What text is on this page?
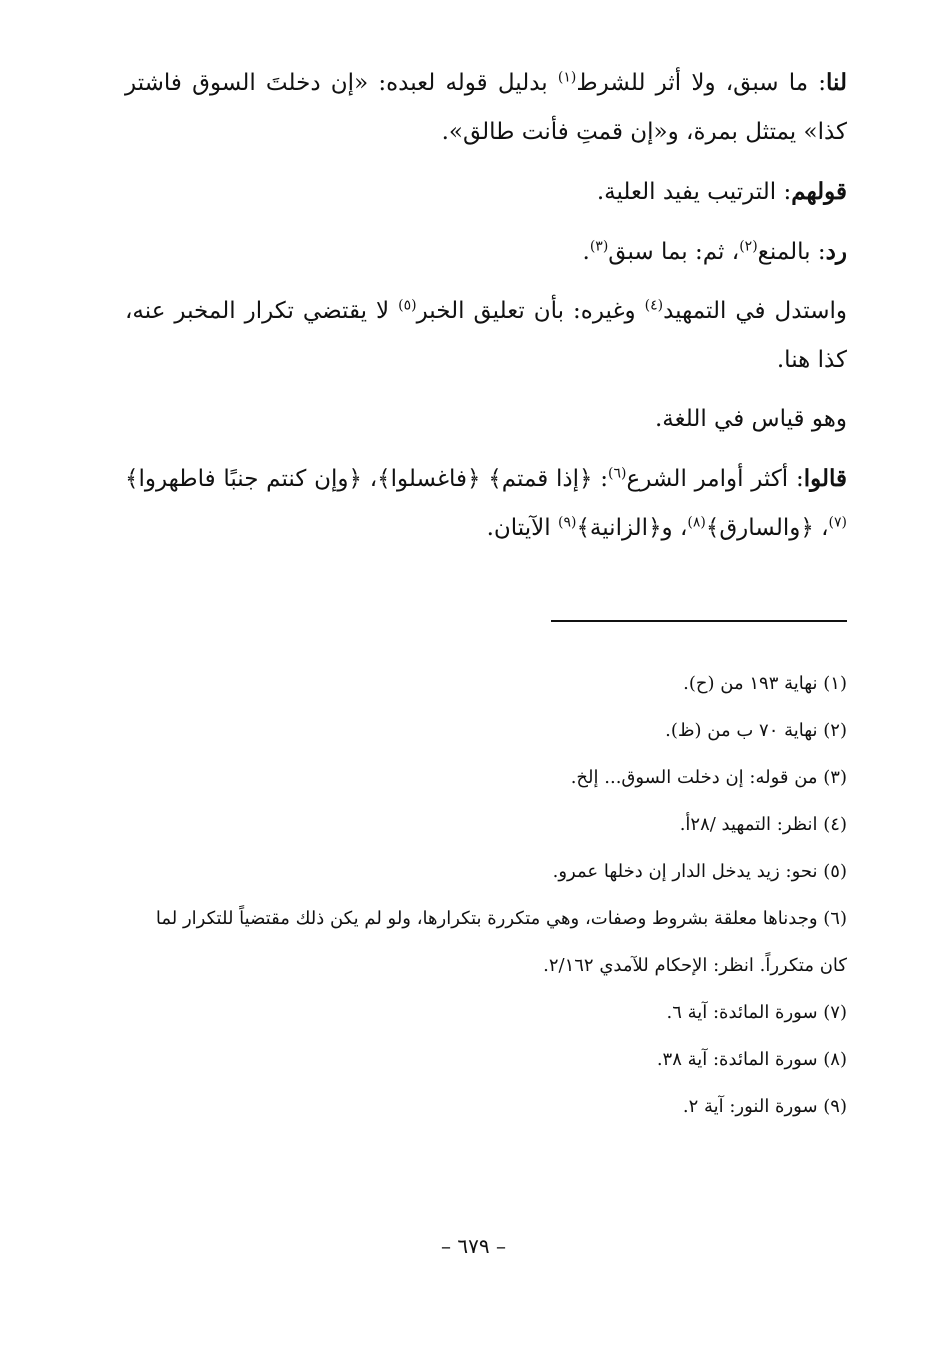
لنا: ما سبق، ولا أثر للشرط$^{(١)}$ بدليل قوله لعبده: «إن دخلتَ السوق فاشتر كذا» يمتثل بمرة، و«إن قمتِ فأنت طالق».

قولهم: الترتيب يفيد العلية.

رد: بالمنع$^{(٢)}$، ثم: بما سبق$^{(٣)}$.

واستدل في التمهيد$^{(٤)}$ وغيره: بأن تعليق الخبر$^{(٥)}$ لا يقتضي تكرار المخبر عنه، كذا هنا.

وهو قياس في اللغة.

قالوا: أكثر أوامر الشرع$^{(٦)}$: ﴿إذا قمتم﴾ ﴿فاغسلوا﴾، ﴿وإن كنتم جنبًا فاطهروا﴾$^{(٧)}$، ﴿والسارق﴾$^{(٨)}$، و﴿الزانية﴾$^{(٩)}$ الآيتان.

(١) نهاية ١٩٣ من (ح).

(٢) نهاية ٧٠ ب من (ظ).

(٣) من قوله: إن دخلت السوق... إلخ.

(٤) انظر: التمهيد /٢٨أ.

(٥) نحو: زيد يدخل الدار إن دخلها عمرو.

(٦) وجدناها معلقة بشروط وصفات، وهي متكررة بتكرارها، ولو لم يكن ذلك مقتضياً للتكرار لما كان متكرراً. انظر: الإحكام للآمدي ٢/١٦٢.

(٧) سورة المائدة: آية ٦.

(٨) سورة المائدة: آية ٣٨.

(٩) سورة النور: آية ٢.

– ٦٧٩ –
